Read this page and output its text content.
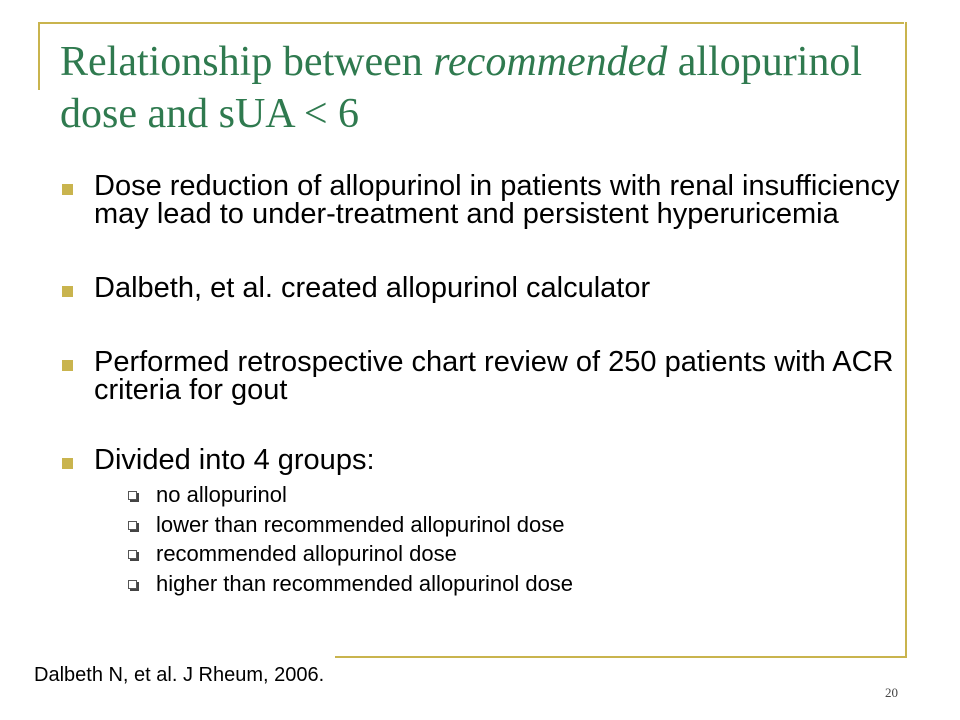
Relationship between recommended allopurinol dose and sUA < 6
Dose reduction of allopurinol in patients with renal insufficiency may lead to under-treatment and persistent hyperuricemia
Dalbeth, et al. created allopurinol calculator
Performed retrospective chart review of 250 patients with ACR criteria for gout
Divided into 4 groups:
no allopurinol
lower than recommended allopurinol dose
recommended allopurinol dose
higher than recommended allopurinol dose
Dalbeth N, et al. J Rheum, 2006.
20
